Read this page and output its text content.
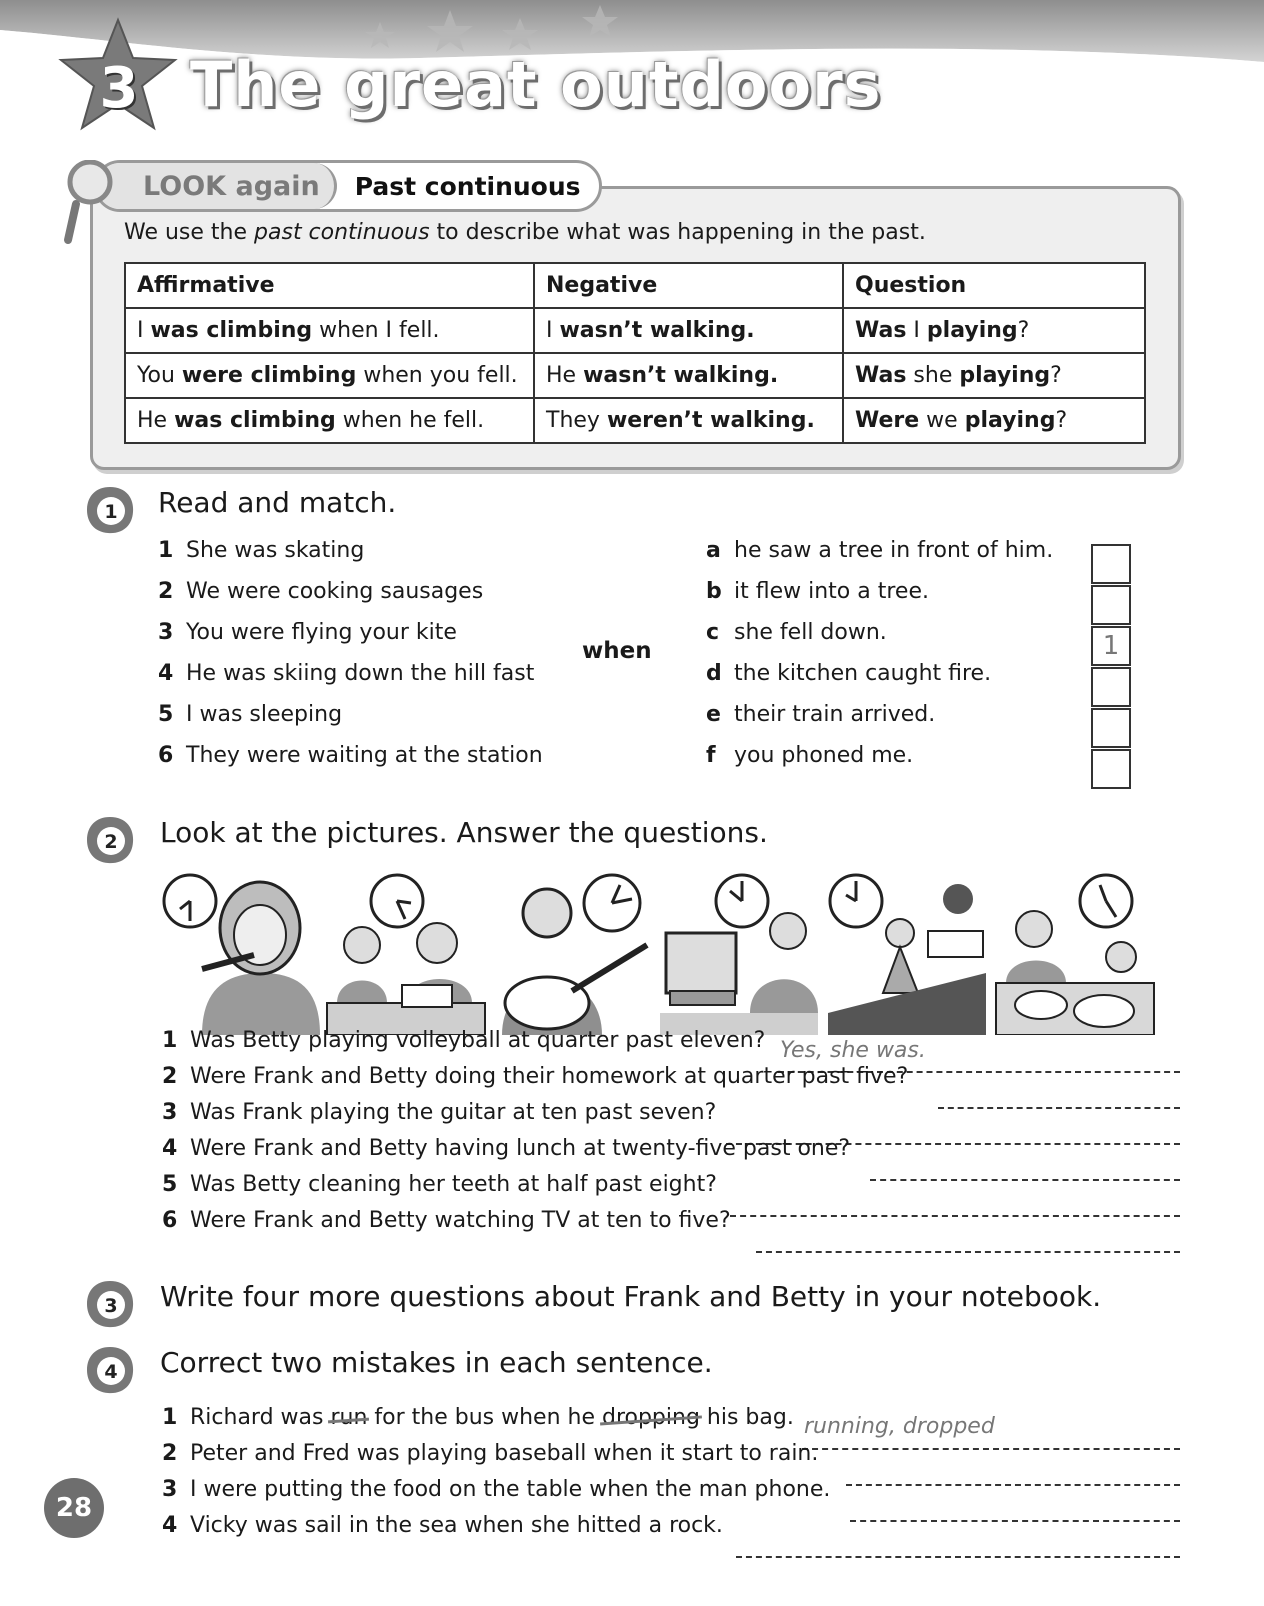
3 The great outdoors
LOOK again	Past continuous
We use the past continuous to describe what was happening in the past.
Affirmative	Negative	Question
I was climbing when I fell.	I wasn’t walking.	Was I playing?
You were climbing when you fell.	He wasn’t walking.	Was she playing?
He was climbing when he fell.	They weren’t walking.	Were we playing?
1 Read and match.
1 She was skating
2 We were cooking sausages
3 You were flying your kite
4 He was skiing down the hill fast
5 I was sleeping
6 They were waiting at the station
when
a he saw a tree in front of him.
b it flew into a tree.
c she fell down.
d the kitchen caught fire.
e their train arrived.
f you phoned me.
1
2 Look at the pictures. Answer the questions.
1 Was Betty playing volleyball at quarter past eleven? Yes, she was.
2 Were Frank and Betty doing their homework at quarter past five?
3 Was Frank playing the guitar at ten past seven?
4 Were Frank and Betty having lunch at twenty-five past one?
5 Was Betty cleaning her teeth at half past eight?
6 Were Frank and Betty watching TV at ten to five?
3 Write four more questions about Frank and Betty in your notebook.
4 Correct two mistakes in each sentence.
1 Richard was run for the bus when he dropping his bag. running, dropped
2 Peter and Fred was playing baseball when it start to rain.
3 I were putting the food on the table when the man phone.
4 Vicky was sail in the sea when she hitted a rock.
28
